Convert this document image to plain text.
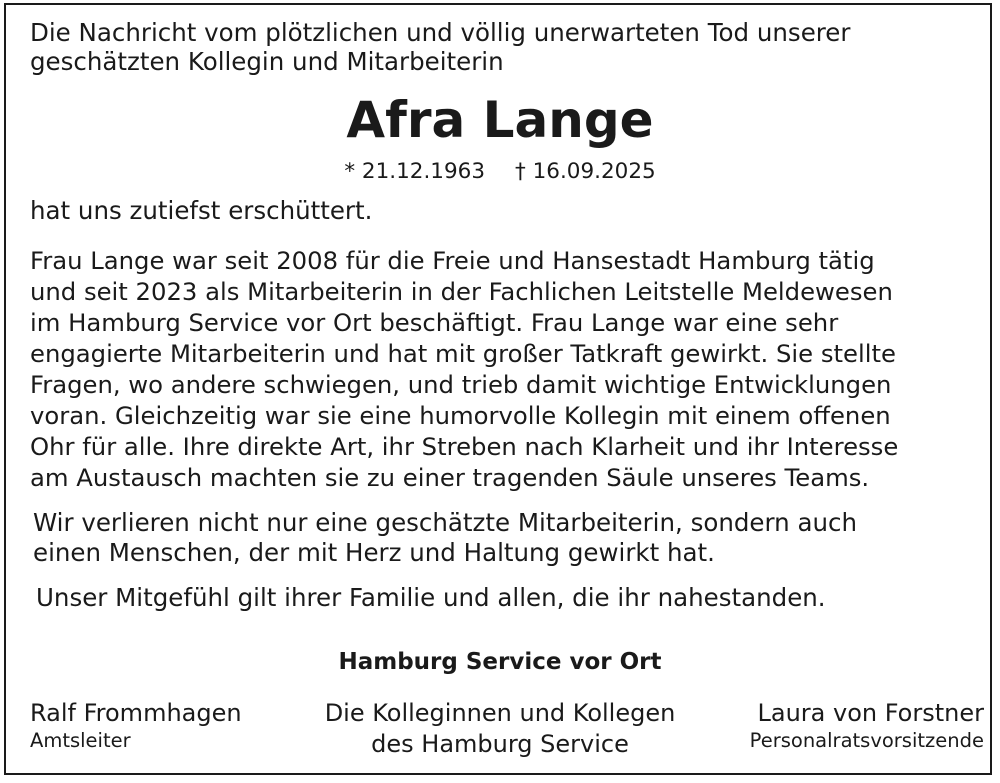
Die Nachricht vom plötzlichen und völlig unerwarteten Tod unserer
geschätzten Kollegin und Mitarbeiterin
Afra Lange
* 21.12.1963 † 16.09.2025
hat uns zutiefst erschüttert.
Frau Lange war seit 2008 für die Freie und Hansestadt Hamburg tätig
und seit 2023 als Mitarbeiterin in der Fachlichen Leitstelle Meldewesen
im Hamburg Service vor Ort beschäftigt. Frau Lange war eine sehr
engagierte Mitarbeiterin und hat mit großer Tatkraft gewirkt. Sie stellte
Fragen, wo andere schwiegen, und trieb damit wichtige Entwicklungen
voran. Gleichzeitig war sie eine humorvolle Kollegin mit einem offenen
Ohr für alle. Ihre direkte Art, ihr Streben nach Klarheit und ihr Interesse
am Austausch machten sie zu einer tragenden Säule unseres Teams.
Wir verlieren nicht nur eine geschätzte Mitarbeiterin, sondern auch
einen Menschen, der mit Herz und Haltung gewirkt hat.
Unser Mitgefühl gilt ihrer Familie und allen, die ihr nahestanden.
Hamburg Service vor Ort
Ralf Frommhagen
Amtsleiter
Die Kolleginnen und Kollegen
des Hamburg Service
Laura von Forstner
Personalratsvorsitzende
